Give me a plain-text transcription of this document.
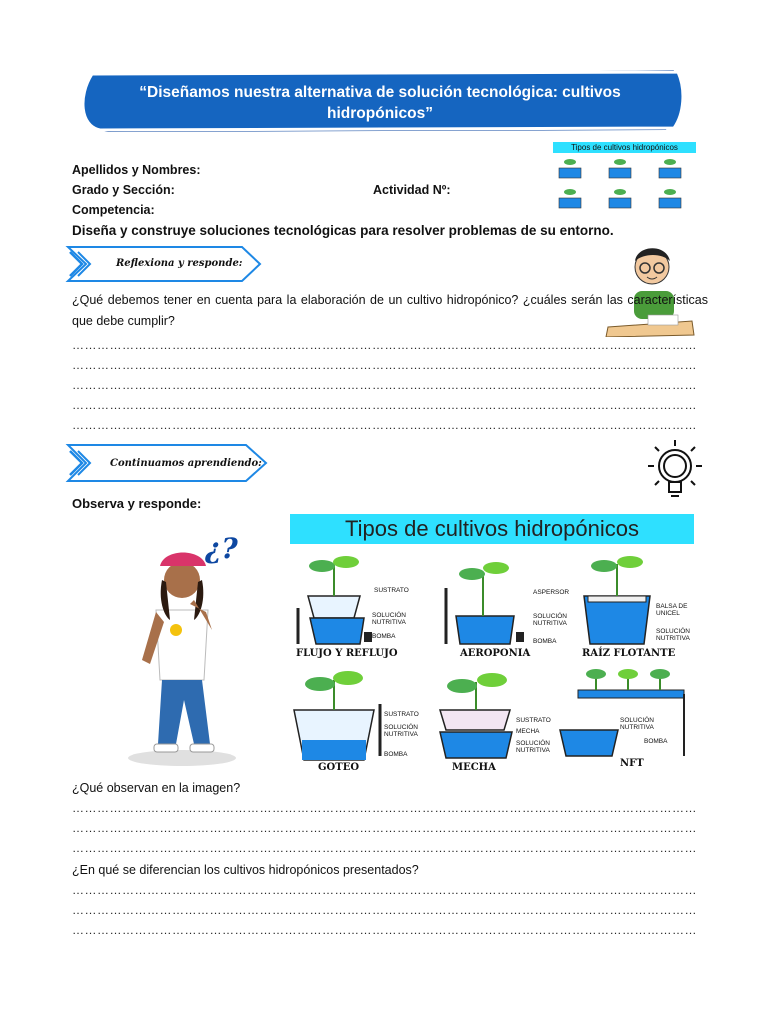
“Diseñamos nuestra alternativa de solución tecnológica: cultivos hidropónicos”
Apellidos y Nombres:
Grado y Sección:	Actividad Nº:
Competencia:
Diseña y construye soluciones tecnológicas para resolver problemas de su entorno.
Tipos de cultivos hidropónicos
Reflexiona y responde:
¿Qué debemos tener en cuenta para la elaboración de un cultivo hidropónico? ¿cuáles serán las características que debe cumplir?
……………………………………………………………………………………………………………………………………
……………………………………………………………………………………………………………………………………
……………………………………………………………………………………………………………………………………
……………………………………………………………………………………………………………………………………
……………………………………………………………………………………………………………………………………
Continuamos aprendiendo:
Observa y responde:
¿?
Tipos de cultivos hidropónicos
FLUJO Y REFLUJO	AEROPONIA	RAÍZ FLOTANTE
GOTEO	MECHA	NFT
SUSTRATO
SOLUCIÓN NUTRITIVA
BOMBA
ASPERSOR
SOLUCIÓN NUTRITIVA
BOMBA
BALSA DE UNICEL
SOLUCIÓN NUTRITIVA
SUSTRATO
SOLUCIÓN NUTRITIVA
BOMBA
SUSTRATO
MECHA
SOLUCIÓN NUTRITIVA
SOLUCIÓN NUTRITIVA
BOMBA
¿Qué observan en la imagen?
……………………………………………………………………………………………………………………………………
……………………………………………………………………………………………………………………………………
……………………………………………………………………………………………………………………………………
¿En qué se diferencian los cultivos hidropónicos presentados?
……………………………………………………………………………………………………………………………………
……………………………………………………………………………………………………………………………………
……………………………………………………………………………………………………………………………………
